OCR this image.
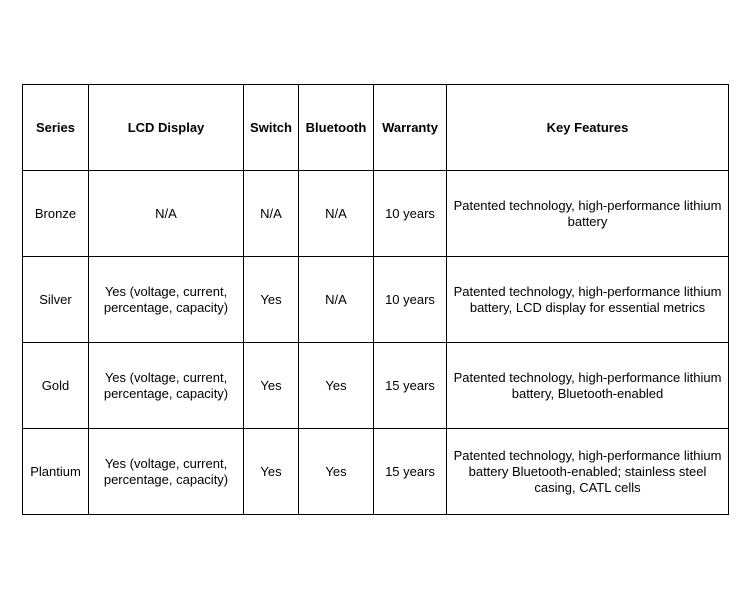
Series	LCD Display	Switch	Bluetooth	Warranty	Key Features
Bronze	N/A	N/A	N/A	10 years	Patented technology, high-performance lithium battery
Silver	Yes (voltage, current, percentage, capacity)	Yes	N/A	10 years	Patented technology, high-performance lithium battery, LCD display for essential metrics
Gold	Yes (voltage, current, percentage, capacity)	Yes	Yes	15 years	Patented technology, high-performance lithium battery, Bluetooth-enabled
Plantium	Yes (voltage, current, percentage, capacity)	Yes	Yes	15 years	Patented technology, high-performance lithium battery Bluetooth-enabled; stainless steel casing, CATL cells
